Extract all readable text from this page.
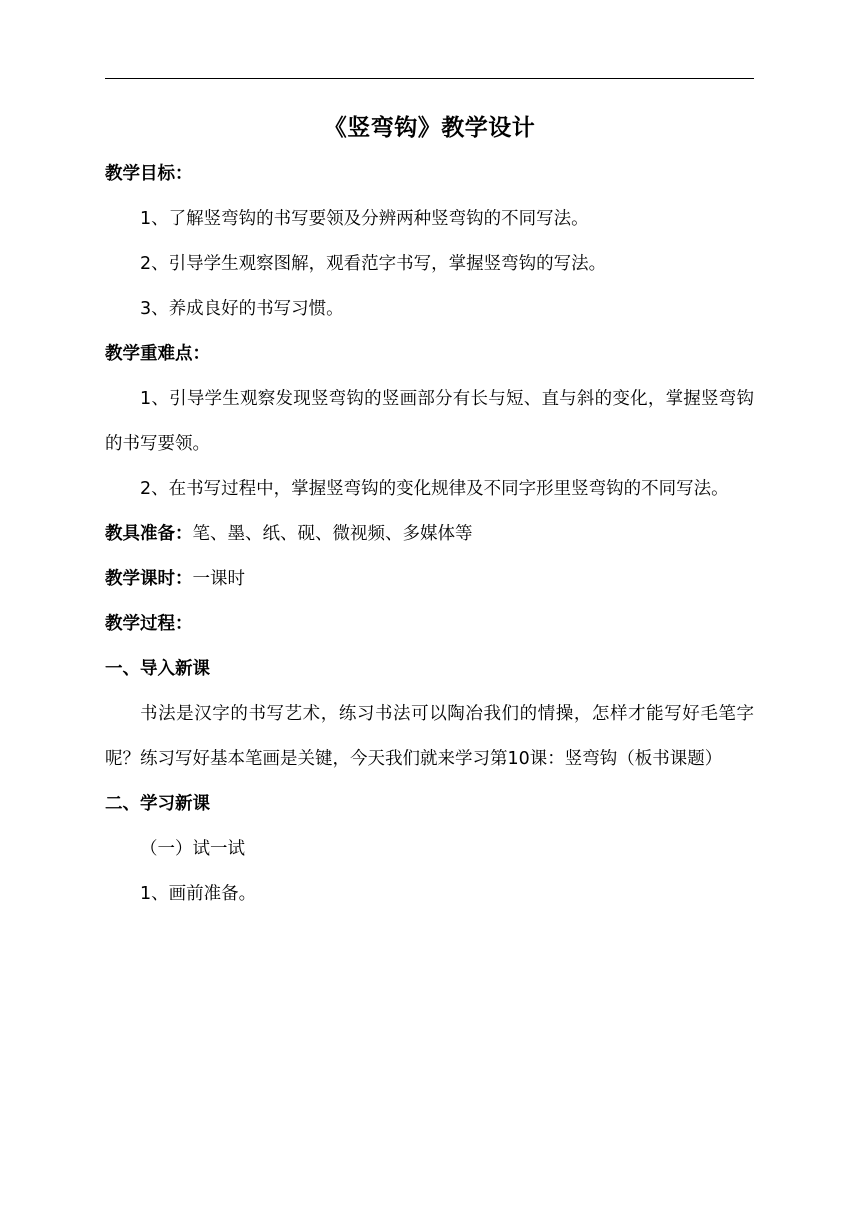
《竖弯钩》教学设计

教学目标：

1、了解竖弯钩的书写要领及分辨两种竖弯钩的不同写法。

2、引导学生观察图解，观看范字书写，掌握竖弯钩的写法。

3、养成良好的书写习惯。

教学重难点：

1、引导学生观察发现竖弯钩的竖画部分有长与短、直与斜的变化，掌握竖弯钩的书写要领。

2、在书写过程中，掌握竖弯钩的变化规律及不同字形里竖弯钩的不同写法。

教具准备：笔、墨、纸、砚、微视频、多媒体等

教学课时：一课时

教学过程：

一、导入新课

书法是汉字的书写艺术，练习书法可以陶冶我们的情操，怎样才能写好毛笔字呢？练习写好基本笔画是关键，今天我们就来学习第10课：竖弯钩（板书课题）

二、学习新课

（一）试一试

1、画前准备。
